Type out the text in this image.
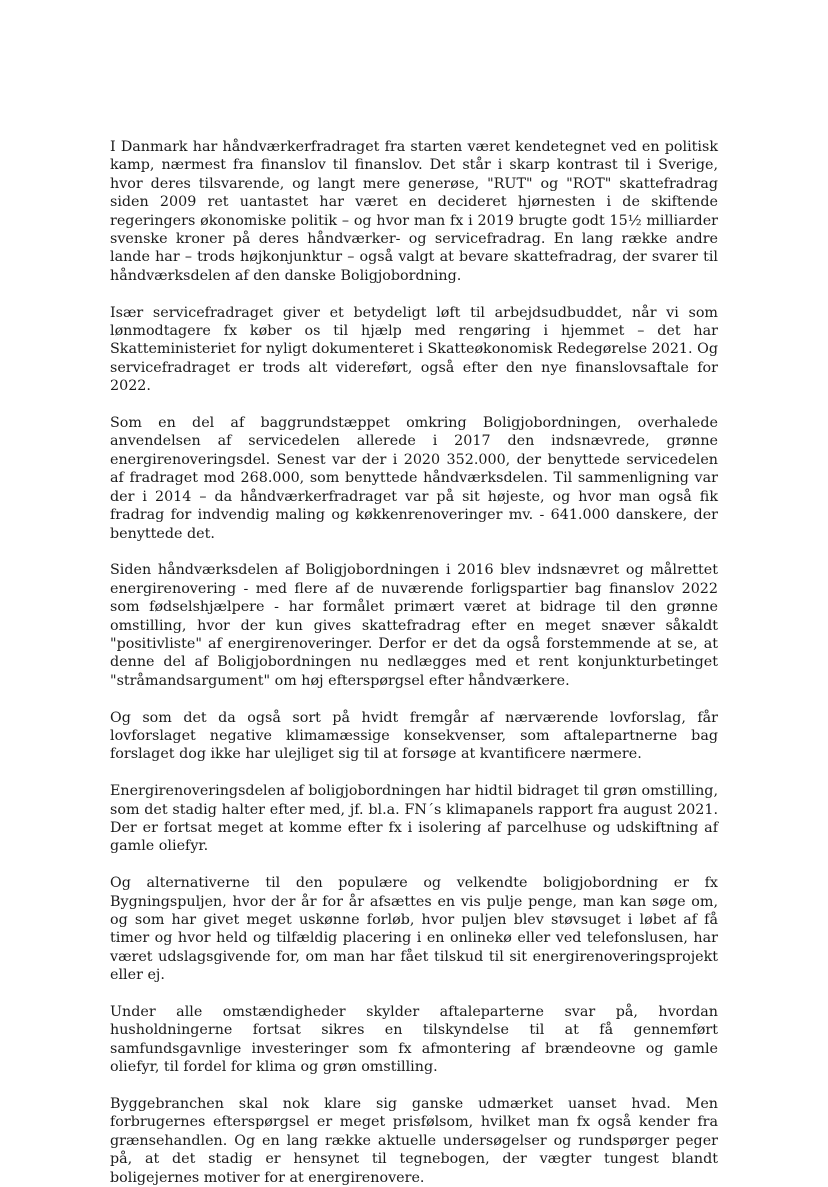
I Danmark har håndværkerfradraget fra starten været kendetegnet ved en politisk kamp, nærmest fra finanslov til finanslov. Det står i skarp kontrast til i Sverige, hvor deres tilsvarende, og langt mere generøse, "RUT" og "ROT" skattefradrag siden 2009 ret uantastet har været en decideret hjørnesten i de skiftende regeringers økonomiske politik – og hvor man fx i 2019 brugte godt 15½ milliarder svenske kroner på deres håndværker- og servicefradrag. En lang række andre lande har – trods højkonjunktur – også valgt at bevare skattefradrag, der svarer til håndværksdelen af den danske Boligjobordning.

Især servicefradraget giver et betydeligt løft til arbejdsudbuddet, når vi som lønmodtagere fx køber os til hjælp med rengøring i hjemmet – det har Skatteministeriet for nyligt dokumenteret i Skatteøkonomisk Redegørelse 2021. Og servicefradraget er trods alt videreført, også efter den nye finanslovsaftale for 2022.

Som en del af baggrundstæppet omkring Boligjobordningen, overhalede anvendelsen af servicedelen allerede i 2017 den indsnævrede, grønne energirenoveringsdel. Senest var der i 2020 352.000, der benyttede servicedelen af fradraget mod 268.000, som benyttede håndværksdelen. Til sammenligning var der i 2014 – da håndværkerfradraget var på sit højeste, og hvor man også fik fradrag for indvendig maling og køkkenrenoveringer mv. - 641.000 danskere, der benyttede det.

Siden håndværksdelen af Boligjobordningen i 2016 blev indsnævret og målrettet energirenovering - med flere af de nuværende forligspartier bag finanslov 2022 som fødselshjælpere - har formålet primært været at bidrage til den grønne omstilling, hvor der kun gives skattefradrag efter en meget snæver såkaldt "positivliste" af energirenoveringer. Derfor er det da også forstemmende at se, at denne del af Boligjobordningen nu nedlægges med et rent konjunkturbetinget "stråmandsargument" om høj efterspørgsel efter håndværkere.

Og som det da også sort på hvidt fremgår af nærværende lovforslag, får lovforslaget negative klimamæssige konsekvenser, som aftalepartnerne bag forslaget dog ikke har ulejliget sig til at forsøge at kvantificere nærmere.

Energirenoveringsdelen af boligjobordningen har hidtil bidraget til grøn omstilling, som det stadig halter efter med, jf. bl.a. FN´s klimapanels rapport fra august 2021. Der er fortsat meget at komme efter fx i isolering af parcelhuse og udskiftning af gamle oliefyr.

Og alternativerne til den populære og velkendte boligjobordning er fx Bygningspuljen, hvor der år for år afsættes en vis pulje penge, man kan søge om, og som har givet meget uskønne forløb, hvor puljen blev støvsuget i løbet af få timer og hvor held og tilfældig placering i en onlinekø eller ved telefonslusen, har været udslagsgivende for, om man har fået tilskud til sit energirenoveringsprojekt eller ej.

Under alle omstændigheder skylder aftaleparterne svar på, hvordan husholdningerne fortsat sikres en tilskyndelse til at få gennemført samfundsgavnlige investeringer som fx afmontering af brændeovne og gamle oliefyr, til fordel for klima og grøn omstilling.

Byggebranchen skal nok klare sig ganske udmærket uanset hvad. Men forbrugernes efterspørgsel er meget prisfølsom, hvilket man fx også kender fra grænsehandlen. Og en lang række aktuelle undersøgelser og rundspørger peger på, at det stadig er hensynet til tegnebogen, der vægter tungest blandt boligejernes motiver for at energirenovere.
